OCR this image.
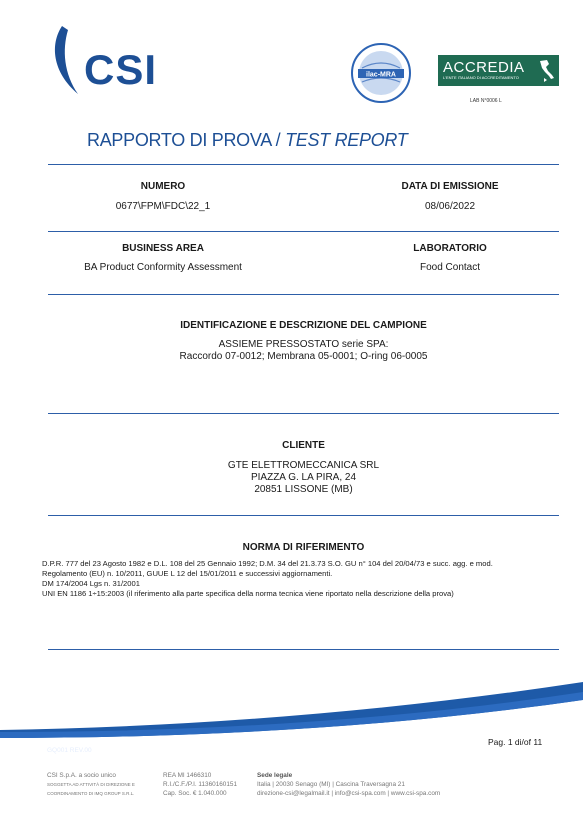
CSI	ilac-MRA	ACCREDIA
L'ENTE ITALIANO DI ACCREDITAMENTO
LAB N°0006 L
RAPPORTO DI PROVA / TEST REPORT
NUMERO
0677\FPM\FDC\22_1
DATA DI EMISSIONE
08/06/2022
BUSINESS AREA
BA Product Conformity Assessment
LABORATORIO
Food Contact
IDENTIFICAZIONE E DESCRIZIONE DEL CAMPIONE
ASSIEME PRESSOSTATO serie SPA:
Raccordo 07-0012; Membrana 05-0001; O-ring 06-0005
CLIENTE
GTE ELETTROMECCANICA SRL
PIAZZA G. LA PIRA, 24
20851 LISSONE (MB)
NORMA DI RIFERIMENTO
D.P.R. 777 del 23 Agosto 1982 e D.L. 108 del 25 Gennaio 1992; D.M. 34 del 21.3.73 S.O. GU n° 104 del 20/04/73 e succ. agg. e mod.
Regolamento (EU) n. 10/2011, GUUE L 12 del 15/01/2011 e successivi aggiornamenti.
DM 174/2004 Lgs n. 31/2001
UNI EN 1186 1÷15:2003 (il riferimento alla parte specifica della norma tecnica viene riportato nella descrizione della prova)
GQ001 REV.00
Pag. 1 di/of 11
CSI S.p.A. a socio unico
SOGGETTA AD ATTIVITÀ DI DIREZIONE E
COORDINAMENTO DI IMQ GROUP S.R.L.
REA MI 1466310
R.I./C.F./P.I. 11360160151
Cap. Soc. € 1.040.000
Sede legale
Italia | 20030 Senago (MI) | Cascina Traversagna 21
direzione-csi@legalmail.it | info@csi-spa.com | www.csi-spa.com
